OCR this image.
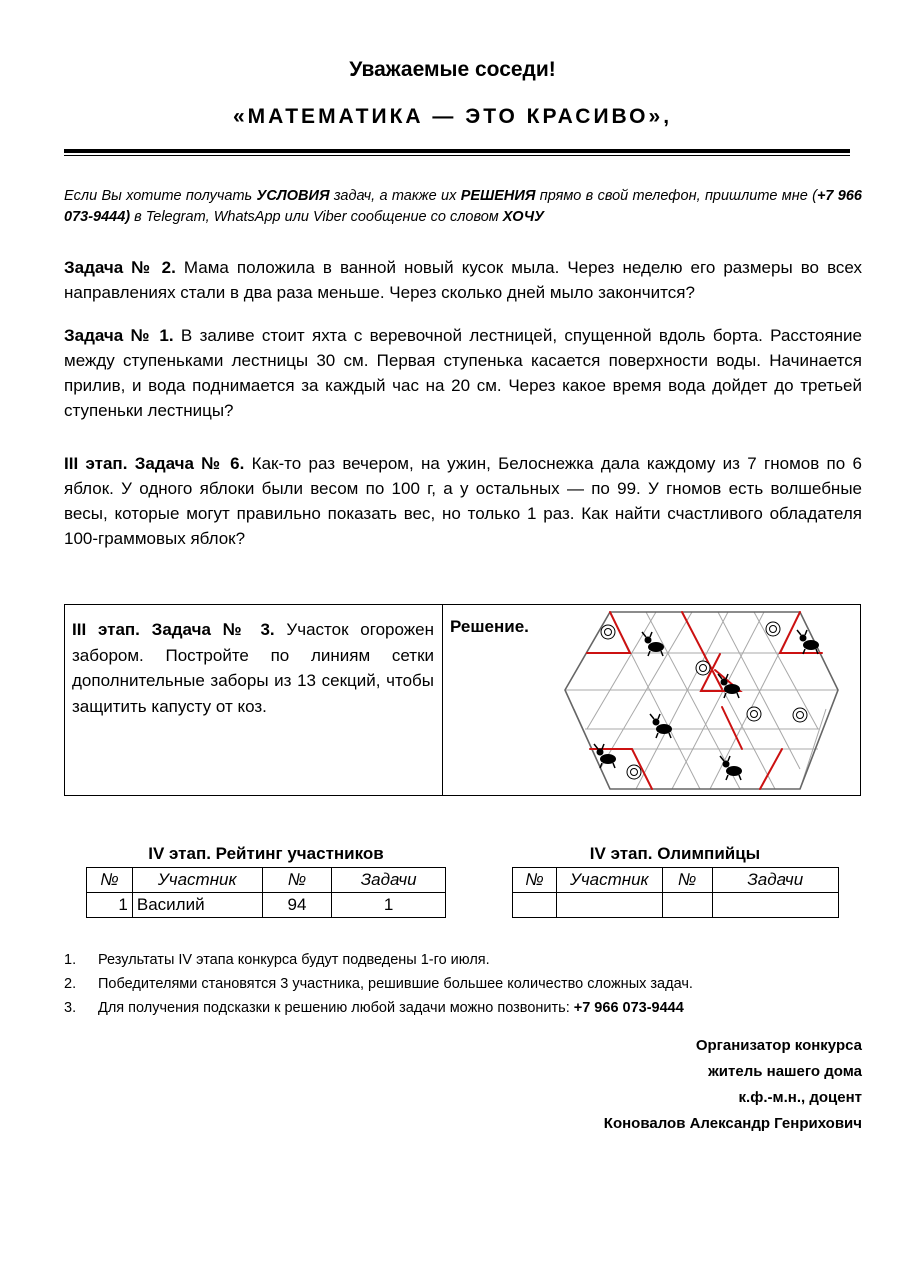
Уважаемые соседи!
«МАТЕМАТИКА — ЭТО КРАСИВО»,
Если Вы хотите получать УСЛОВИЯ задач, а также их РЕШЕНИЯ прямо в свой телефон, пришлите мне (+7 966 073-9444) в Telegram, WhatsApp или Viber сообщение со словом ХОЧУ
Задача № 2. Мама положила в ванной новый кусок мыла. Через неделю его размеры во всех направлениях стали в два раза меньше. Через сколько дней мыло закончится?
Задача № 1. В заливе стоит яхта с веревочной лестницей, спущенной вдоль борта. Расстояние между ступеньками лестницы 30 см. Первая ступенька касается поверхности воды. Начинается прилив, и вода поднимается за каждый час на 20 см. Через какое время вода дойдет до третьей ступеньки лестницы?
III этап. Задача № 6. Как-то раз вечером, на ужин, Белоснежка дала каждому из 7 гномов по 6 яблок. У одного яблоки были весом по 100 г, а у остальных — по 99. У гномов есть волшебные весы, которые могут правильно показать вес, но только 1 раз. Как найти счастливого обладателя 100-граммовых яблок?
III этап. Задача № 3. Участок огорожен забором. Постройте по линиям сетки дополнительные заборы из 13 секций, чтобы защитить капусту от коз.
Решение.
IV этап. Рейтинг участников
№	Участник	№	Задачи
1	Василий	94	1
IV этап. Олимпийцы
№	Участник	№	Задачи

1.	Результаты IV этапа конкурса будут подведены 1-го июля.
2.	Победителями становятся 3 участника, решившие большее количество сложных задач.
3.	Для получения подсказки к решению любой задачи можно позвонить:
+7 966 073-9444
Организатор конкурса
житель нашего дома
к.ф.-м.н., доцент
Коновалов Александр Генрихович
